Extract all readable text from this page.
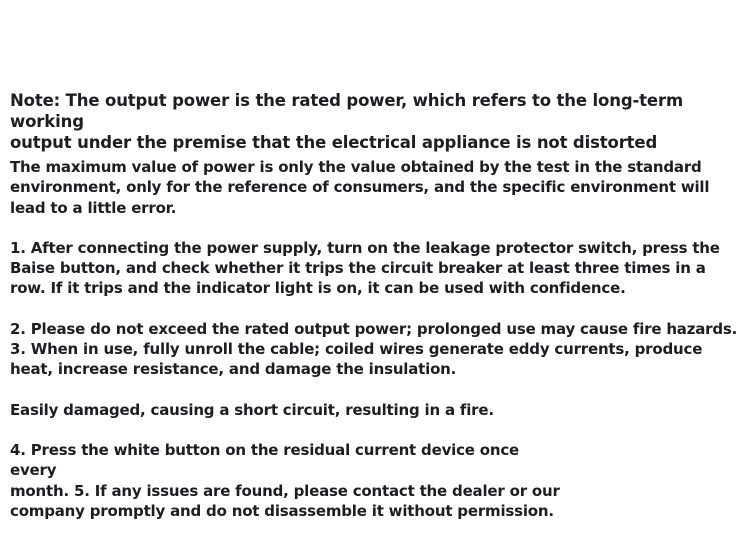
Note: The output power is the rated power, which refers to the long-term working

output under the premise that the electrical appliance is not distorted

The maximum value of power is only the value obtained by the test in the standard

environment, only for the reference of consumers, and the specific environment will

lead to a little error.

1. After connecting the power supply, turn on the leakage protector switch, press the

Baise button, and check whether it trips the circuit breaker at least three times in a

row. If it trips and the indicator light is on, it can be used with confidence.

2. Please do not exceed the rated output power; prolonged use may cause fire hazards.

3. When in use, fully unroll the cable; coiled wires generate eddy currents, produce

heat, increase resistance, and damage the insulation.

Easily damaged, causing a short circuit, resulting in a fire.

4. Press the white button on the residual current device once every

month. 5. If any issues are found, please contact the dealer or our

company promptly and do not disassemble it without permission.
